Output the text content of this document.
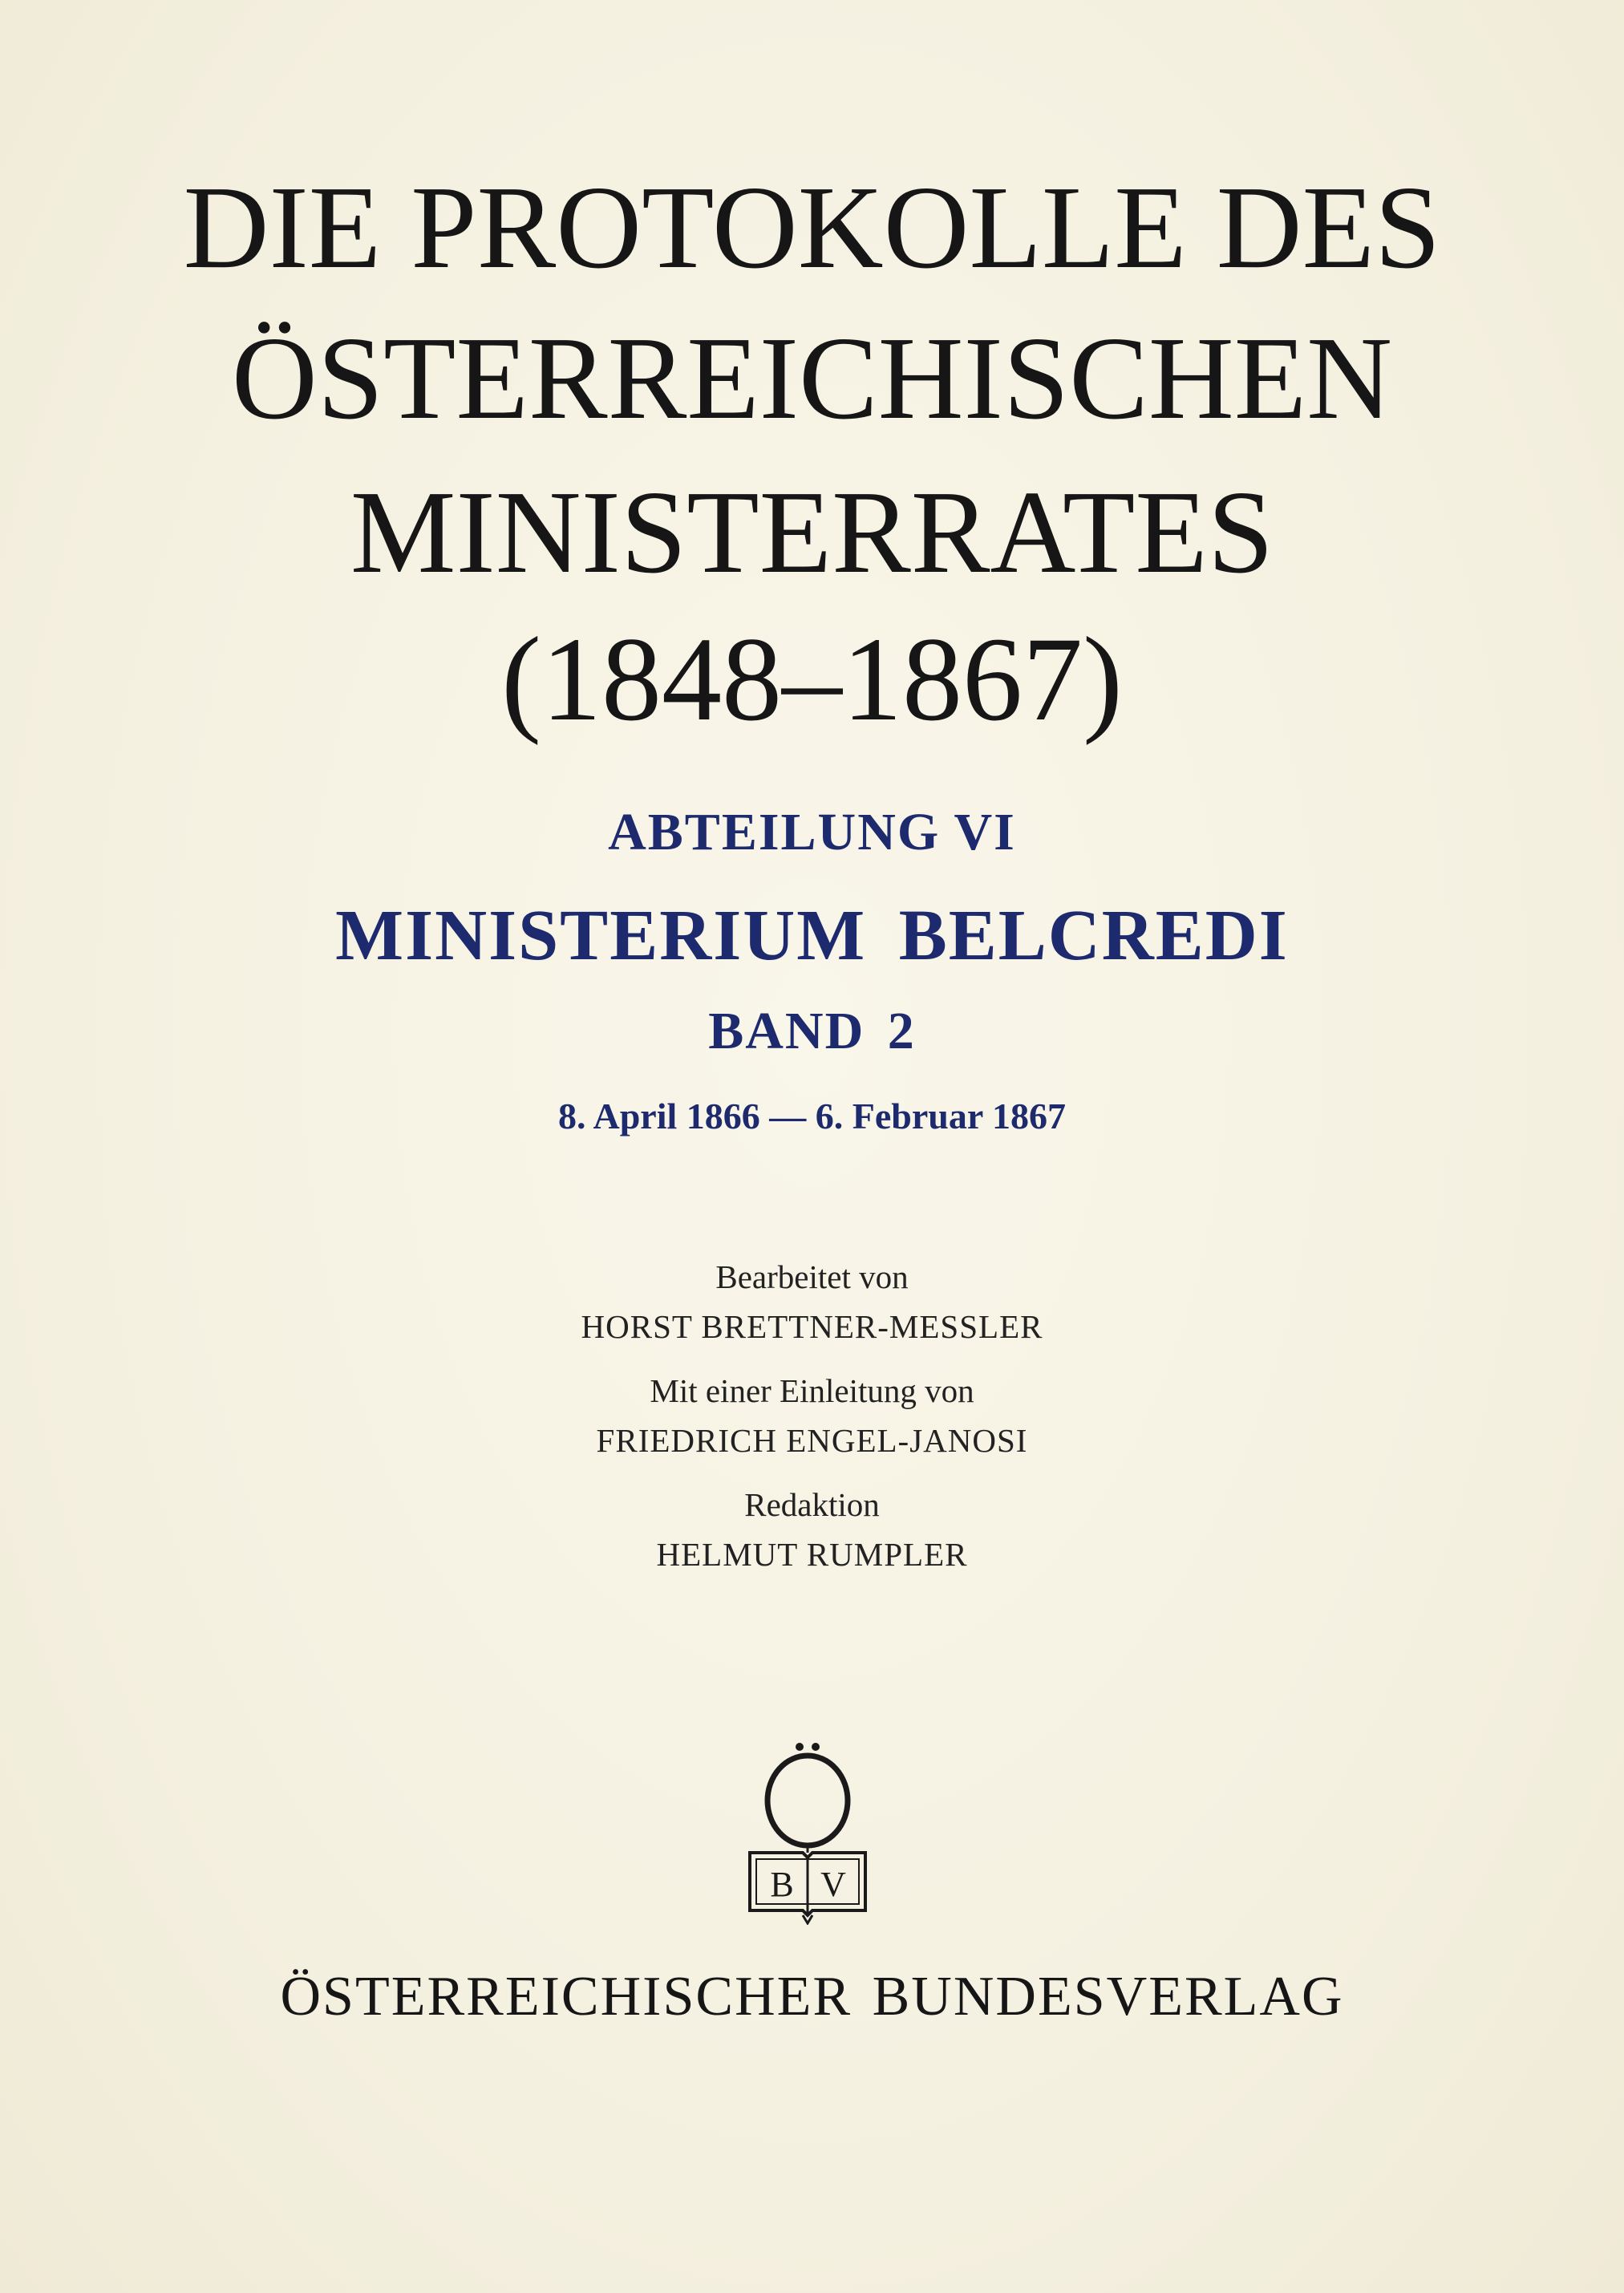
DIE PROTOKOLLE DES
ÖSTERREICHISCHEN
MINISTERRATES
(1848–1867)
ABTEILUNG VI
MINISTERIUM BELCREDI
BAND 2
8. April 1866 — 6. Februar 1867
Bearbeitet von
HORST BRETTNER-MESSLER
Mit einer Einleitung von
FRIEDRICH ENGEL-JANOSI
Redaktion
HELMUT RUMPLER
B V
ÖSTERREICHISCHER BUNDESVERLAG
